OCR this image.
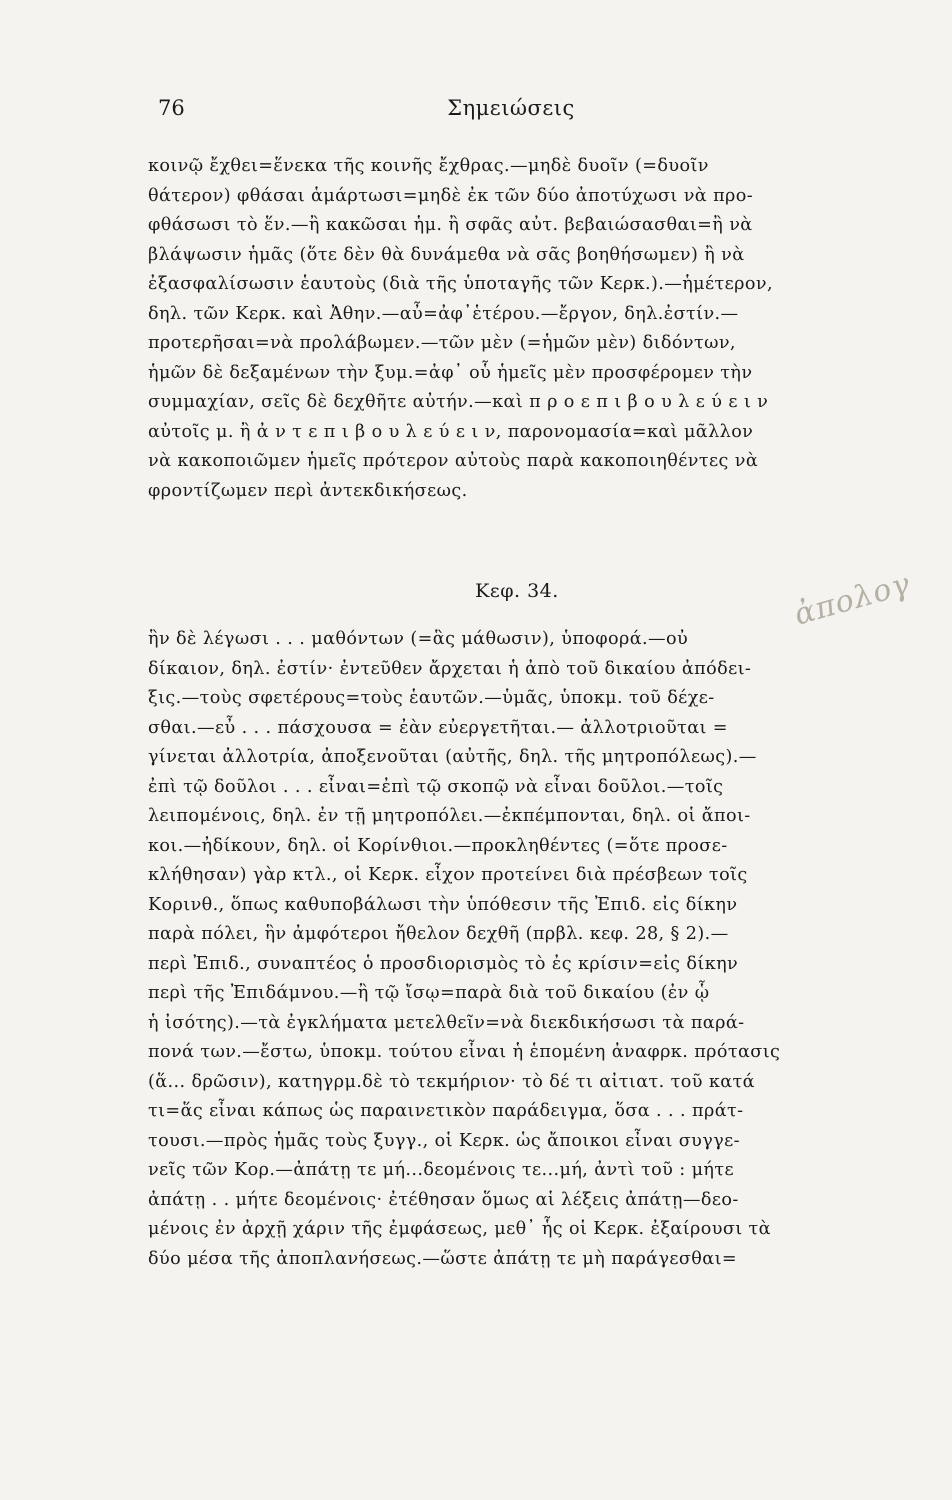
76	Σημειώσεις
κοινῷ ἔχθει=ἕνεκα τῆς κοινῆς ἔχθρας.—μηδὲ δυοῖν (=δυοῖν
θάτερον) φθάσαι ἁμάρτωσι=μηδὲ ἐκ τῶν δύο ἀποτύχωσι νὰ προ-
φθάσωσι τὸ ἕν.—ἢ κακῶσαι ἡμ. ἢ σφᾶς αὐτ. βεβαιώσασθαι=ἢ νὰ
βλάψωσιν ἡμᾶς (ὅτε δὲν θὰ δυνάμεθα νὰ σᾶς βοηθήσωμεν) ἢ νὰ
ἐξασφαλίσωσιν ἑαυτοὺς (διὰ τῆς ὑποταγῆς τῶν Κερκ.).—ἡμέτερον,
δηλ. τῶν Κερκ. καὶ Ἀθην.—αὖ=ἀφ᾽ἑτέρου.—ἔργον, δηλ.ἐστίν.—
προτερῆσαι=νὰ προλάβωμεν.—τῶν μὲν (=ἡμῶν μὲν) διδόντων,
ἡμῶν δὲ δεξαμένων τὴν ξυμ.=ἀφ᾽ οὗ ἡμεῖς μὲν προσφέρομεν τὴν
συμμαχίαν, σεῖς δὲ δεχθῆτε αὐτήν.—καὶ π ρ ο ε π ι β ο υ λ ε ύ ε ι ν
αὐτοῖς μ. ἢ ἀ ν τ ε π ι β ο υ λ ε ύ ε ι ν, παρονομασία=καὶ μᾶλλον
νὰ κακοποιῶμεν ἡμεῖς πρότερον αὐτοὺς παρὰ κακοποιηθέντες νὰ
φροντίζωμεν περὶ ἀντεκδικήσεως.
Κεφ. 34.	ἀπολογ
ἣν δὲ λέγωσι . . . μαθόντων (=ἃς μάθωσιν), ὑποφορά.—οὐ
δίκαιον, δηλ. ἐστίν· ἐντεῦθεν ἄρχεται ἡ ἀπὸ τοῦ δικαίου ἀπόδει-
ξις.—τοὺς σφετέρους=τοὺς ἑαυτῶν.—ὑμᾶς, ὑποκμ. τοῦ δέχε-
σθαι.—εὖ . . . πάσχουσα = ἐὰν εὐεργετῆται.— ἀλλοτριοῦται =
γίνεται ἀλλοτρία, ἀποξενοῦται (αὐτῆς, δηλ. τῆς μητροπόλεως).—
ἐπὶ τῷ δοῦλοι . . . εἶναι=ἐπὶ τῷ σκοπῷ νὰ εἶναι δοῦλοι.—τοῖς
λειπομένοις, δηλ. ἐν τῇ μητροπόλει.—ἐκπέμπονται, δηλ. οἱ ἄποι-
κοι.—ἠδίκουν, δηλ. οἱ Κορίνθιοι.—προκληθέντες (=ὅτε προσε-
κλήθησαν) γὰρ κτλ., οἱ Κερκ. εἶχον προτείνει διὰ πρέσβεων τοῖς
Κορινθ., ὅπως καθυποβάλωσι τὴν ὑπόθεσιν τῆς Ἐπιδ. εἰς δίκην
παρὰ πόλει, ἣν ἀμφότεροι ἤθελον δεχθῆ (πρβλ. κεφ. 28, § 2).—
περὶ Ἐπιδ., συναπτέος ὁ προσδιορισμὸς τὸ ἐς κρίσιν=εἰς δίκην
περὶ τῆς Ἐπιδάμνου.—ἢ τῷ ἴσῳ=παρὰ διὰ τοῦ δικαίου (ἐν ᾧ
ἡ ἰσότης).—τὰ ἐγκλήματα μετελθεῖν=νὰ διεκδικήσωσι τὰ παρά-
πονά των.—ἔστω, ὑποκμ. τούτου εἶναι ἡ ἑπομένη ἀναφρκ. πρότασις
(ἅ... δρῶσιν), κατηγρμ.δὲ τὸ τεκμήριον· τὸ δέ τι αἰτιατ. τοῦ κατά
τι=ἅς εἶναι κάπως ὡς παραινετικὸν παράδειγμα, ὅσα . . . πράτ-
τουσι.—πρὸς ἡμᾶς τοὺς ξυγγ., οἱ Κερκ. ὡς ἄποικοι εἶναι συγγε-
νεῖς τῶν Κορ.—ἀπάτῃ τε μή...δεομένοις τε...μή, ἀντὶ τοῦ : μήτε
ἀπάτῃ . . μήτε δεομένοις· ἐτέθησαν ὅμως αἱ λέξεις ἀπάτῃ—δεο-
μένοις ἐν ἀρχῇ χάριν τῆς ἐμφάσεως, μεθ᾽ ἧς οἱ Κερκ. ἐξαίρουσι τὰ
δύο μέσα τῆς ἀποπλανήσεως.—ὥστε ἀπάτῃ τε μὴ παράγεσθαι=
